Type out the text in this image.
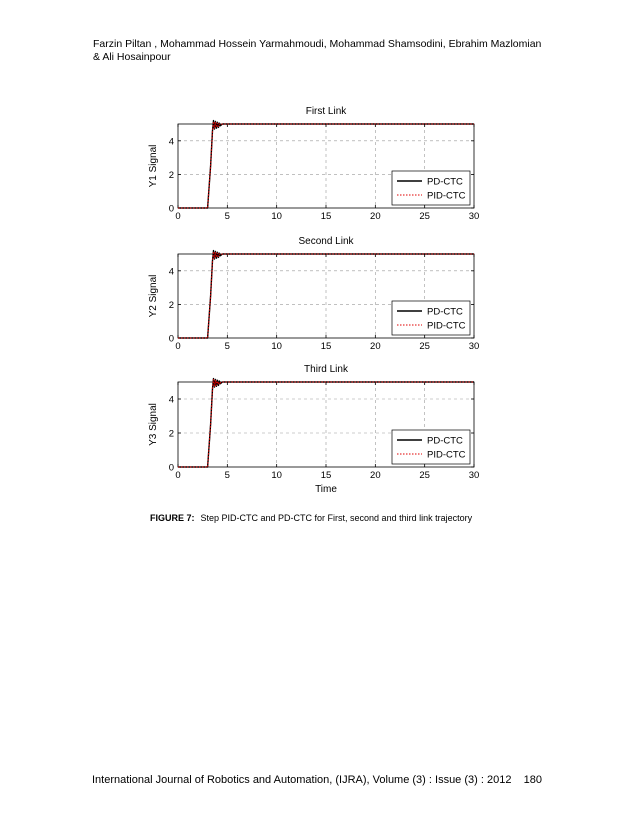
Farzin Piltan , Mohammad Hossein Yarmahmoudi, Mohammad Shamsodini, Ebrahim Mazlomian & Ali Hosainpour
0	5	10	15	20	25	30
0
2
4
First Link
Y1 Signal	PD-CTC
PID-CTC
0	5	10	15	20	25	30
0
2
4
Second Link
Y2 Signal	PD-CTC
PID-CTC
0	5	10	15	20	25	30
0
2
4
Third Link
Y3 Signal
Time
PD-CTC
PID-CTC
FIGURE 7: Step PID-CTC and PD-CTC for First, second and third link trajectory
International Journal of Robotics and Automation, (IJRA), Volume (3) : Issue (3) : 2012 180
